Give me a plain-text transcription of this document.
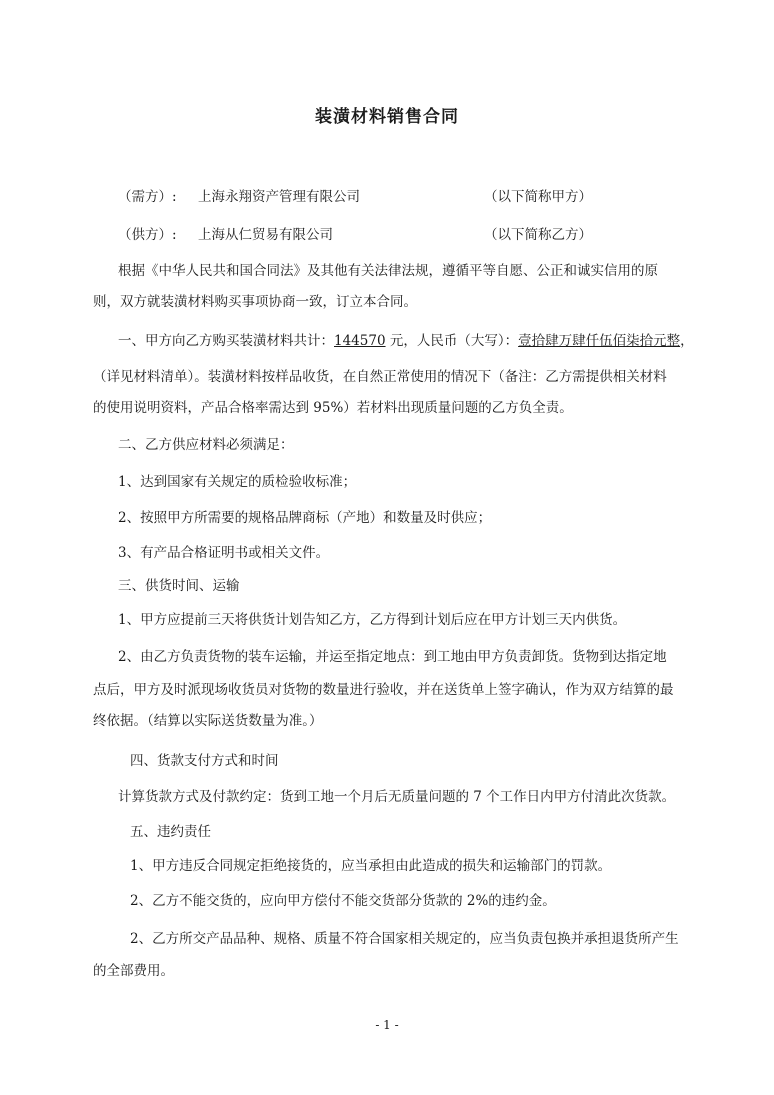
装潢材料销售合同
（需方）: 上海永翔资产管理有限公司	（以下简称甲方）
（供方）: 上海从仁贸易有限公司	（以下简称乙方）
根据《中华人民共和国合同法》及其他有关法律法规，遵循平等自愿、公正和诚实信用的原
则，双方就装潢材料购买事项协商一致，订立本合同。
一、甲方向乙方购买装潢材料共计：144570 元，人民币（大写）：壹拾肆万肆仟伍佰柒拾元整，
（详见材料清单）。装潢材料按样品收货，在自然正常使用的情况下（备注：乙方需提供相关材料
的使用说明资料，产品合格率需达到 95%）若材料出现质量问题的乙方负全责。
二、乙方供应材料必须满足：
1、达到国家有关规定的质检验收标准；
2、按照甲方所需要的规格品牌商标（产地）和数量及时供应；
3、有产品合格证明书或相关文件。
三、供货时间、运输
1、甲方应提前三天将供货计划告知乙方，乙方得到计划后应在甲方计划三天内供货。
2、由乙方负责货物的装车运输，并运至指定地点：到工地由甲方负责卸货。货物到达指定地
点后，甲方及时派现场收货员对货物的数量进行验收，并在送货单上签字确认，作为双方结算的最
终依据。（结算以实际送货数量为准。）
四、货款支付方式和时间
计算货款方式及付款约定：货到工地一个月后无质量问题的 7 个工作日内甲方付清此次货款。
五、违约责任
1、甲方违反合同规定拒绝接货的，应当承担由此造成的损失和运输部门的罚款。
2、乙方不能交货的，应向甲方偿付不能交货部分货款的 2%的违约金。
2、乙方所交产品品种、规格、质量不符合国家相关规定的，应当负责包换并承担退货所产生
的全部费用。
- 1 -
